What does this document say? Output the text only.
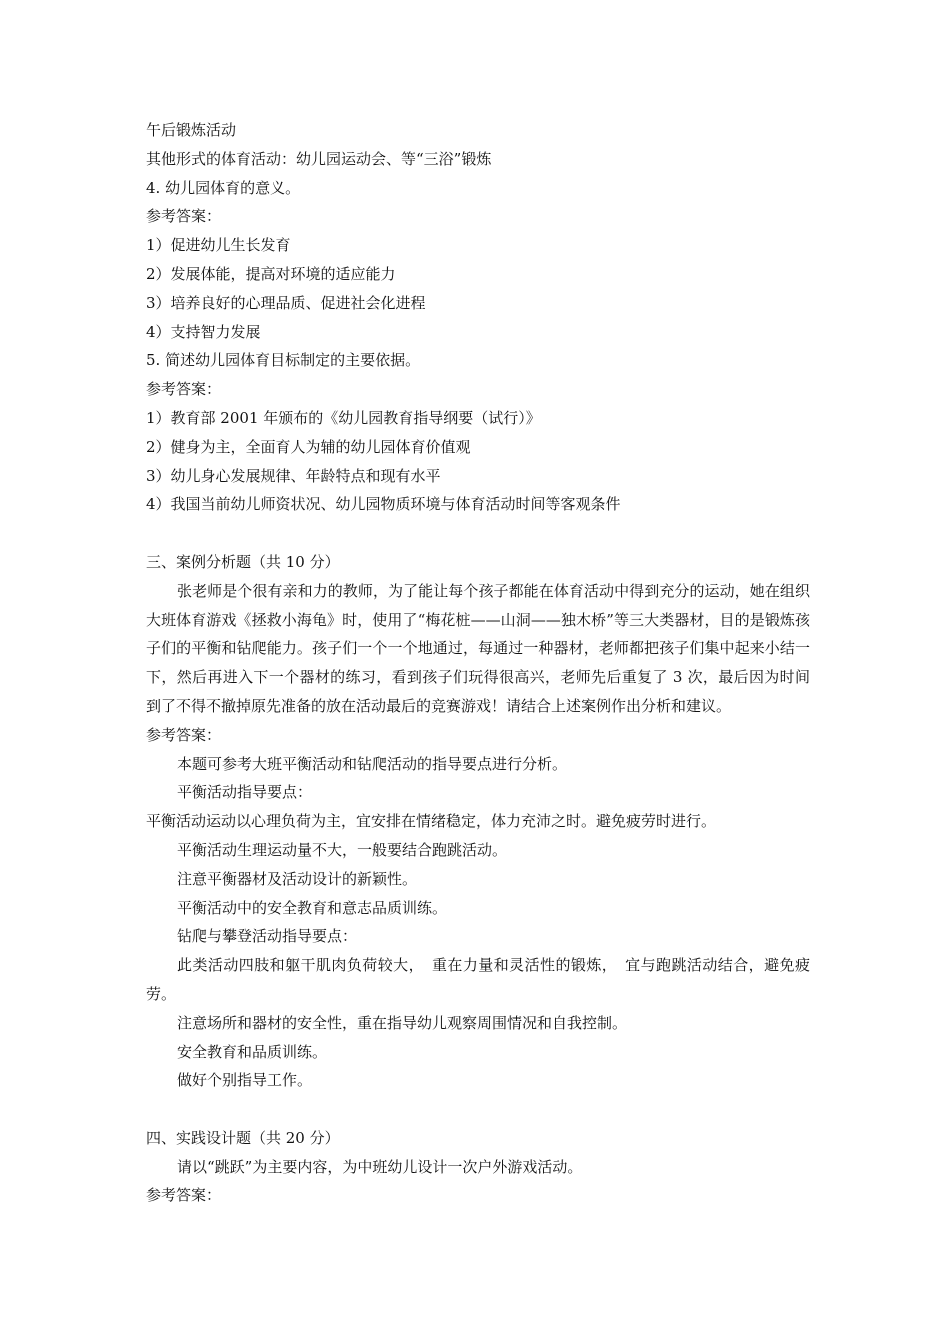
午后锻炼活动
其他形式的体育活动：幼儿园运动会、等“三浴”锻炼
4. 幼儿园体育的意义。
参考答案：
1）促进幼儿生长发育
2）发展体能，提高对环境的适应能力
3）培养良好的心理品质、促进社会化进程
4）支持智力发展
5. 简述幼儿园体育目标制定的主要依据。
参考答案：
1）教育部 2001 年颁布的《幼儿园教育指导纲要（试行）》
2）健身为主，全面育人为辅的幼儿园体育价值观
3）幼儿身心发展规律、年龄特点和现有水平
4）我国当前幼儿师资状况、幼儿园物质环境与体育活动时间等客观条件
三、案例分析题（共 10 分）
张老师是个很有亲和力的教师，为了能让每个孩子都能在体育活动中得到充分的运动，她在组织大班体育游戏《拯救小海龟》时，使用了“梅花桩——山洞——独木桥”等三大类器材，目的是锻炼孩子们的平衡和钻爬能力。孩子们一个一个地通过，每通过一种器材，老师都把孩子们集中起来小结一下，然后再进入下一个器材的练习，看到孩子们玩得很高兴，老师先后重复了 3 次，最后因为时间到了不得不撤掉原先准备的放在活动最后的竞赛游戏！请结合上述案例作出分析和建议。
参考答案：
本题可参考大班平衡活动和钻爬活动的指导要点进行分析。
平衡活动指导要点：
平衡活动运动以心理负荷为主，宜安排在情绪稳定，体力充沛之时。避免疲劳时进行。
平衡活动生理运动量不大，一般要结合跑跳活动。
注意平衡器材及活动设计的新颖性。
平衡活动中的安全教育和意志品质训练。
钻爬与攀登活动指导要点：
此类活动四肢和躯干肌肉负荷较大，　重在力量和灵活性的锻炼，　宜与跑跳活动结合，避免疲劳。
注意场所和器材的安全性，重在指导幼儿观察周围情况和自我控制。
安全教育和品质训练。
做好个别指导工作。
四、实践设计题（共 20 分）
请以“跳跃”为主要内容，为中班幼儿设计一次户外游戏活动。
参考答案：
